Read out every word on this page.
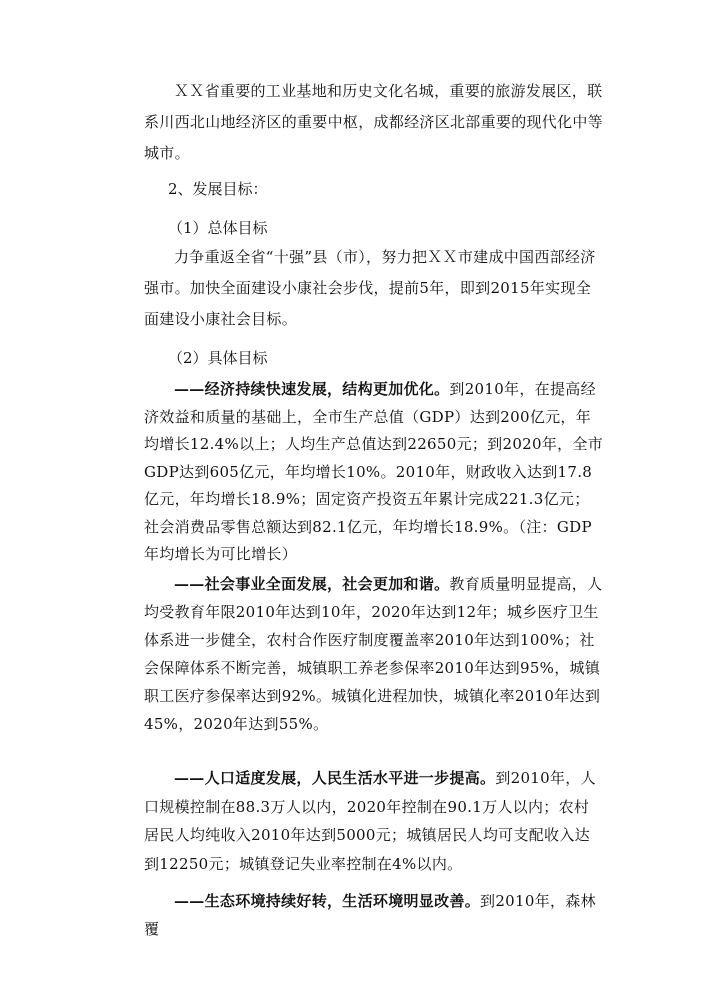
ＸＸ省重要的工业基地和历史文化名城，重要的旅游发展区，联系川西北山地经济区的重要中枢，成都经济区北部重要的现代化中等城市。
2、发展目标：
（1）总体目标
力争重返全省“十强”县（市），努力把ＸＸ市建成中国西部经济强市。加快全面建设小康社会步伐，提前5年，即到2015年实现全面建设小康社会目标。
（2）具体目标
——经济持续快速发展，结构更加优化。到2010年，在提高经济效益和质量的基础上，全市生产总值（GDP）达到200亿元，年均增长12.4%以上；人均生产总值达到22650元；到2020年，全市GDP达到605亿元，年均增长10%。2010年，财政收入达到17.8亿元，年均增长18.9%；固定资产投资五年累计完成221.3亿元；社会消费品零售总额达到82.1亿元，年均增长18.9%。（注：GDP年均增长为可比增长）
——社会事业全面发展，社会更加和谐。教育质量明显提高，人均受教育年限2010年达到10年，2020年达到12年；城乡医疗卫生体系进一步健全，农村合作医疗制度覆盖率2010年达到100%；社会保障体系不断完善，城镇职工养老参保率2010年达到95%，城镇职工医疗参保率达到92%。城镇化进程加快，城镇化率2010年达到45%，2020年达到55%。
——人口适度发展，人民生活水平进一步提高。到2010年，人口规模控制在88.3万人以内，2020年控制在90.1万人以内；农村居民人均纯收入2010年达到5000元；城镇居民人均可支配收入达到12250元；城镇登记失业率控制在4%以内。
——生态环境持续好转，生活环境明显改善。到2010年，森林覆
